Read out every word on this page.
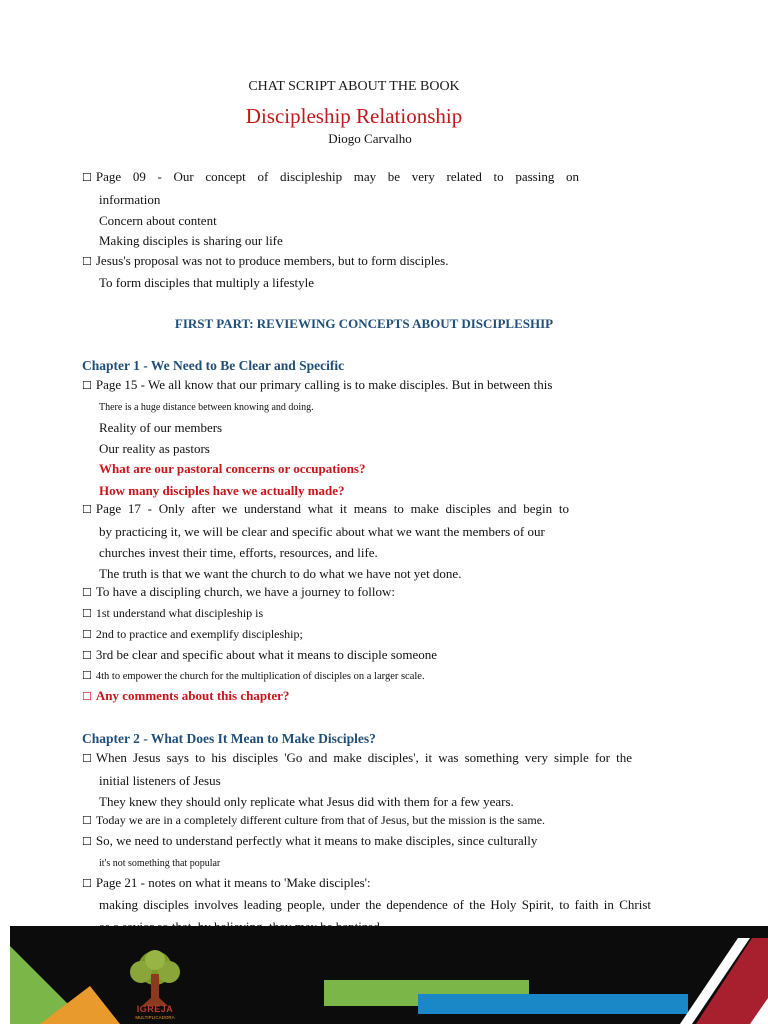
CHAT SCRIPT ABOUT THE BOOK
Discipleship Relationship
Diogo Carvalho
☐ Page 09 - Our concept of discipleship may be very related to passing on
information
Concern about content
Making disciples is sharing our life
☐ Jesus's proposal was not to produce members, but to form disciples.
To form disciples that multiply a lifestyle
FIRST PART: REVIEWING CONCEPTS ABOUT DISCIPLESHIP
Chapter 1 - We Need to Be Clear and Specific
☐ Page 15 - We all know that our primary calling is to make disciples. But in between this
There is a huge distance between knowing and doing.
Reality of our members
Our reality as pastors
What are our pastoral concerns or occupations?
How many disciples have we actually made?
☐ Page 17 - Only after we understand what it means to make disciples and begin to
by practicing it, we will be clear and specific about what we want the members of our
churches invest their time, efforts, resources, and life.
The truth is that we want the church to do what we have not yet done.
☐ To have a discipling church, we have a journey to follow:
☐ 1st understand what discipleship is
☐ 2nd to practice and exemplify discipleship;
☐ 3rd be clear and specific about what it means to disciple someone
☐ 4th to empower the church for the multiplication of disciples on a larger scale.
☐ Any comments about this chapter?
Chapter 2 - What Does It Mean to Make Disciples?
☐ When Jesus says to his disciples 'Go and make disciples', it was something very simple for the
initial listeners of Jesus
They knew they should only replicate what Jesus did with them for a few years.
☐ Today we are in a completely different culture from that of Jesus, but the mission is the same.
☐ So, we need to understand perfectly what it means to make disciples, since culturally
it's not something that popular
☐ Page 21 - notes on what it means to 'Make disciples':
making disciples involves leading people, under the dependence of the Holy Spirit, to faith in Christ
IGREJA
MULTIPLICADORA
